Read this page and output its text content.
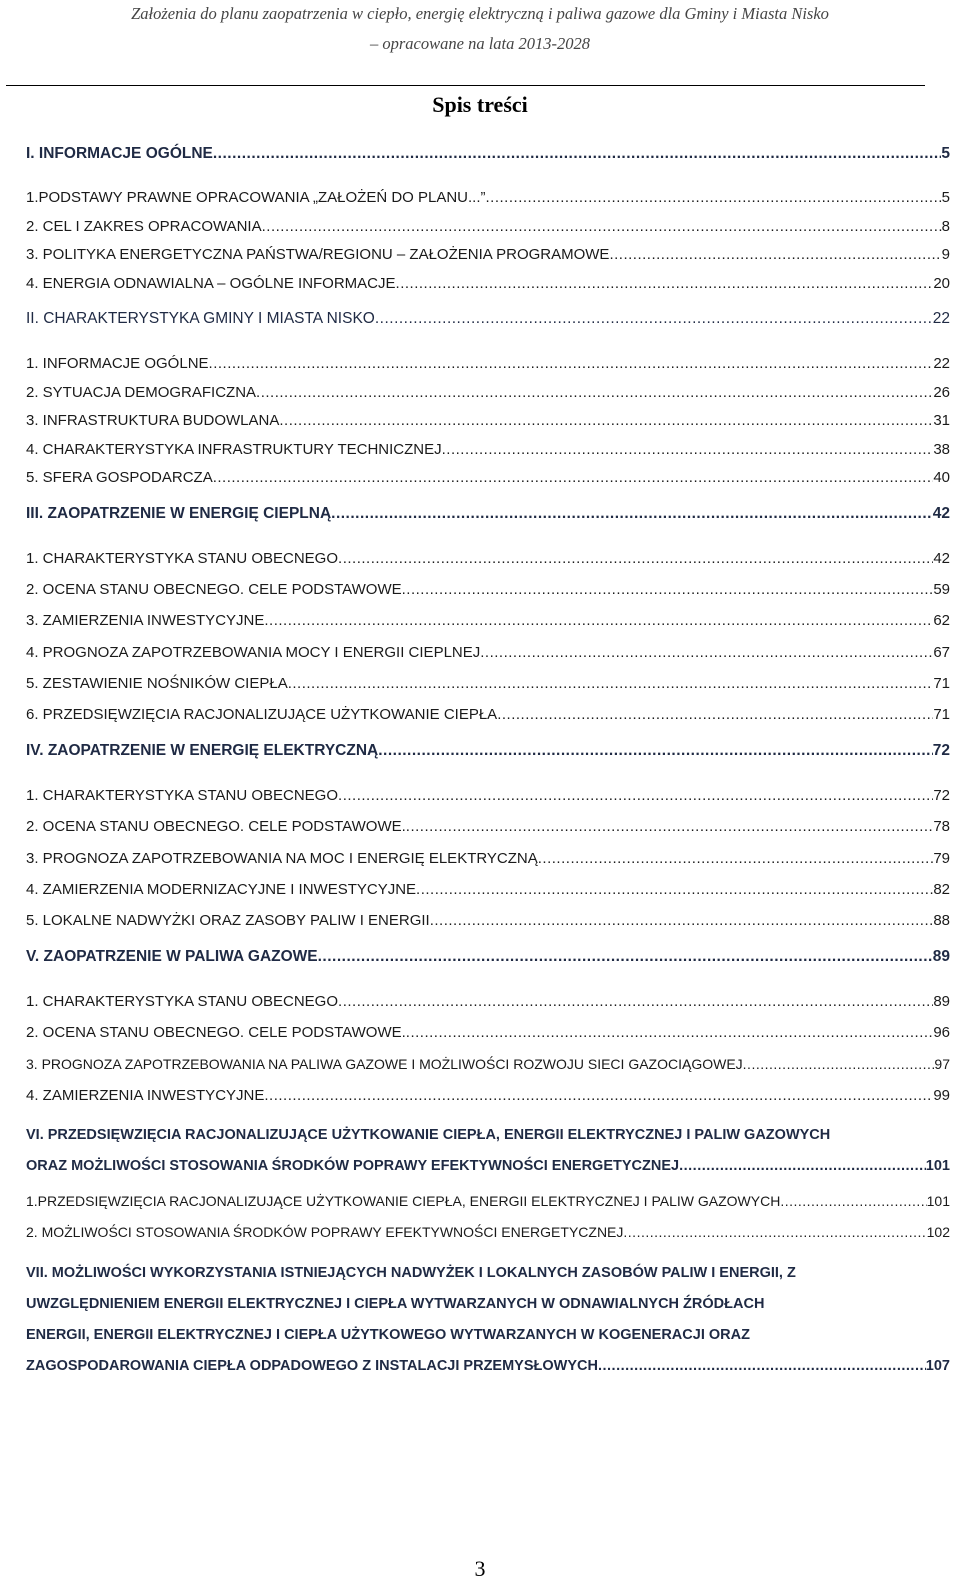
Założenia do planu zaopatrzenia w ciepło, energię elektryczną i paliwa gazowe dla Gminy i Miasta Nisko
– opracowane na lata 2013-2028
Spis treści
I. INFORMACJE OGÓLNE .....	5
1.PODSTAWY PRAWNE OPRACOWANIA „ZAŁOŻEŃ DO PLANU...” .....	5
2. CEL I ZAKRES OPRACOWANIA .....	8
3. POLITYKA ENERGETYCZNA PAŃSTWA/REGIONU – ZAŁOŻENIA PROGRAMOWE .....	9
4. ENERGIA ODNAWIALNA – OGÓLNE INFORMACJE .....	20
II. CHARAKTERYSTYKA GMINY I MIASTA NISKO .....	22
1. INFORMACJE OGÓLNE .....	22
2. SYTUACJA DEMOGRAFICZNA .....	26
3. INFRASTRUKTURA BUDOWLANA .....	31
4. CHARAKTERYSTYKA INFRASTRUKTURY TECHNICZNEJ .....	38
5. SFERA GOSPODARCZA .....	40
III. ZAOPATRZENIE W ENERGIĘ CIEPLNĄ .....	42
1. CHARAKTERYSTYKA STANU OBECNEGO .....	42
2. OCENA STANU OBECNEGO. CELE PODSTAWOWE .....	59
3. ZAMIERZENIA INWESTYCYJNE .....	62
4. PROGNOZA ZAPOTRZEBOWANIA MOCY I ENERGII CIEPLNEJ .....	67
5. ZESTAWIENIE NOŚNIKÓW CIEPŁA .....	71
6. PRZEDSIĘWZIĘCIA RACJONALIZUJĄCE UŻYTKOWANIE CIEPŁA .....	71
IV. ZAOPATRZENIE W ENERGIĘ ELEKTRYCZNĄ .....	72
1. CHARAKTERYSTYKA STANU OBECNEGO .....	72
2. OCENA STANU OBECNEGO. CELE PODSTAWOWE. .....	78
3. PROGNOZA ZAPOTRZEBOWANIA NA MOC I ENERGIĘ ELEKTRYCZNĄ .....	79
4. ZAMIERZENIA MODERNIZACYJNE I INWESTYCYJNE .....	82
5. LOKALNE NADWYŻKI ORAZ ZASOBY PALIW I ENERGII .....	88
V. ZAOPATRZENIE W PALIWA GAZOWE .....	89
1. CHARAKTERYSTYKA STANU OBECNEGO .....	89
2. OCENA STANU OBECNEGO. CELE PODSTAWOWE. .....	96
3. PROGNOZA ZAPOTRZEBOWANIA NA PALIWA GAZOWE I MOŻLIWOŚCI ROZWOJU SIECI GAZOCIĄGOWEJ .....	97
4. ZAMIERZENIA INWESTYCYJNE .....	99
VI. PRZEDSIĘWZIĘCIA RACJONALIZUJĄCE UŻYTKOWANIE CIEPŁA, ENERGII ELEKTRYCZNEJ I PALIW GAZOWYCH
ORAZ MOŻLIWOŚCI STOSOWANIA ŚRODKÓW POPRAWY EFEKTYWNOŚCI ENERGETYCZNEJ .....	101
1.PRZEDSIĘWZIĘCIA RACJONALIZUJĄCE UŻYTKOWANIE CIEPŁA, ENERGII ELEKTRYCZNEJ I PALIW GAZOWYCH .....	101
2. MOŻLIWOŚCI STOSOWANIA ŚRODKÓW POPRAWY EFEKTYWNOŚCI ENERGETYCZNEJ .....	102
VII. MOŻLIWOŚCI WYKORZYSTANIA ISTNIEJĄCYCH NADWYŻEK I LOKALNYCH ZASOBÓW PALIW I ENERGII, Z
UWZGLĘDNIENIEM ENERGII ELEKTRYCZNEJ I CIEPŁA WYTWARZANYCH W ODNAWIALNYCH ŹRÓDŁACH
ENERGII, ENERGII ELEKTRYCZNEJ I CIEPŁA UŻYTKOWEGO WYTWARZANYCH W KOGENERACJI ORAZ
ZAGOSPODAROWANIA CIEPŁA ODPADOWEGO Z INSTALACJI PRZEMYSŁOWYCH .....	107
3
